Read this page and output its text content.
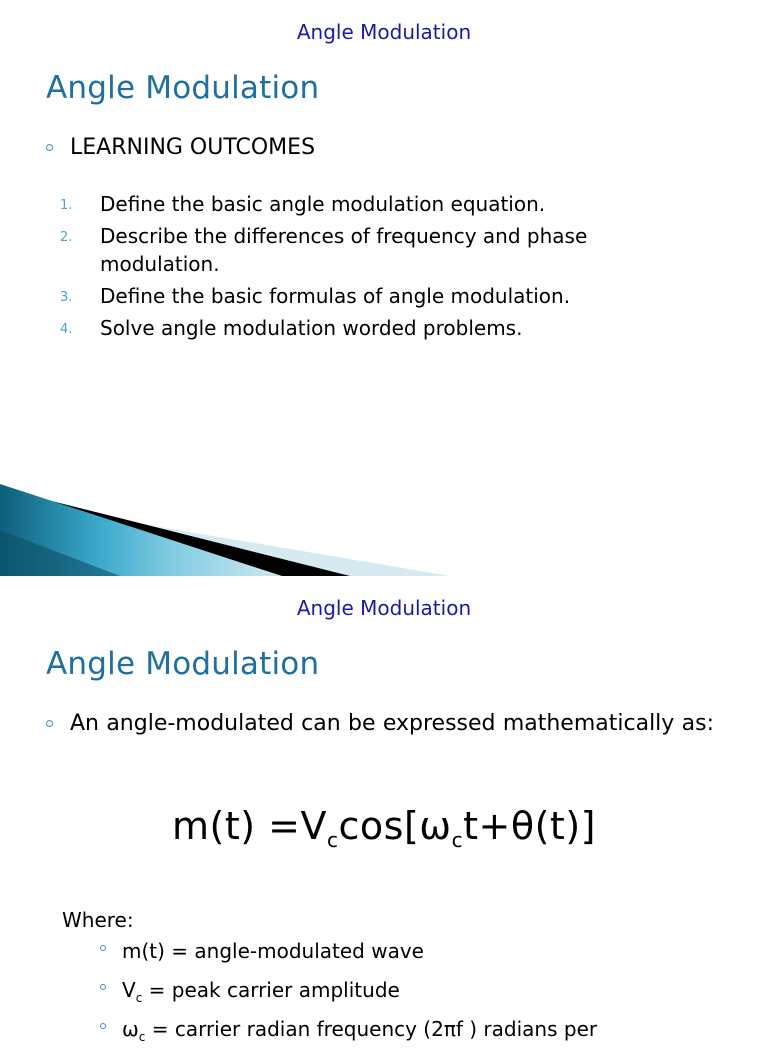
Angle Modulation
Angle Modulation
LEARNING OUTCOMES
1. Define the basic angle modulation equation.
2. Describe the differences of frequency and phase modulation.
3. Define the basic formulas of angle modulation.
4. Solve angle modulation worded problems.
Angle Modulation
Angle Modulation
An angle-modulated can be expressed mathematically as:
$m(t) =V_c\cos[\omega_ct+\theta(t)]$
Where:
m(t) = angle-modulated wave
$V_c$ = peak carrier amplitude
$\omega_c$ = carrier radian frequency (2πf ) radians per
